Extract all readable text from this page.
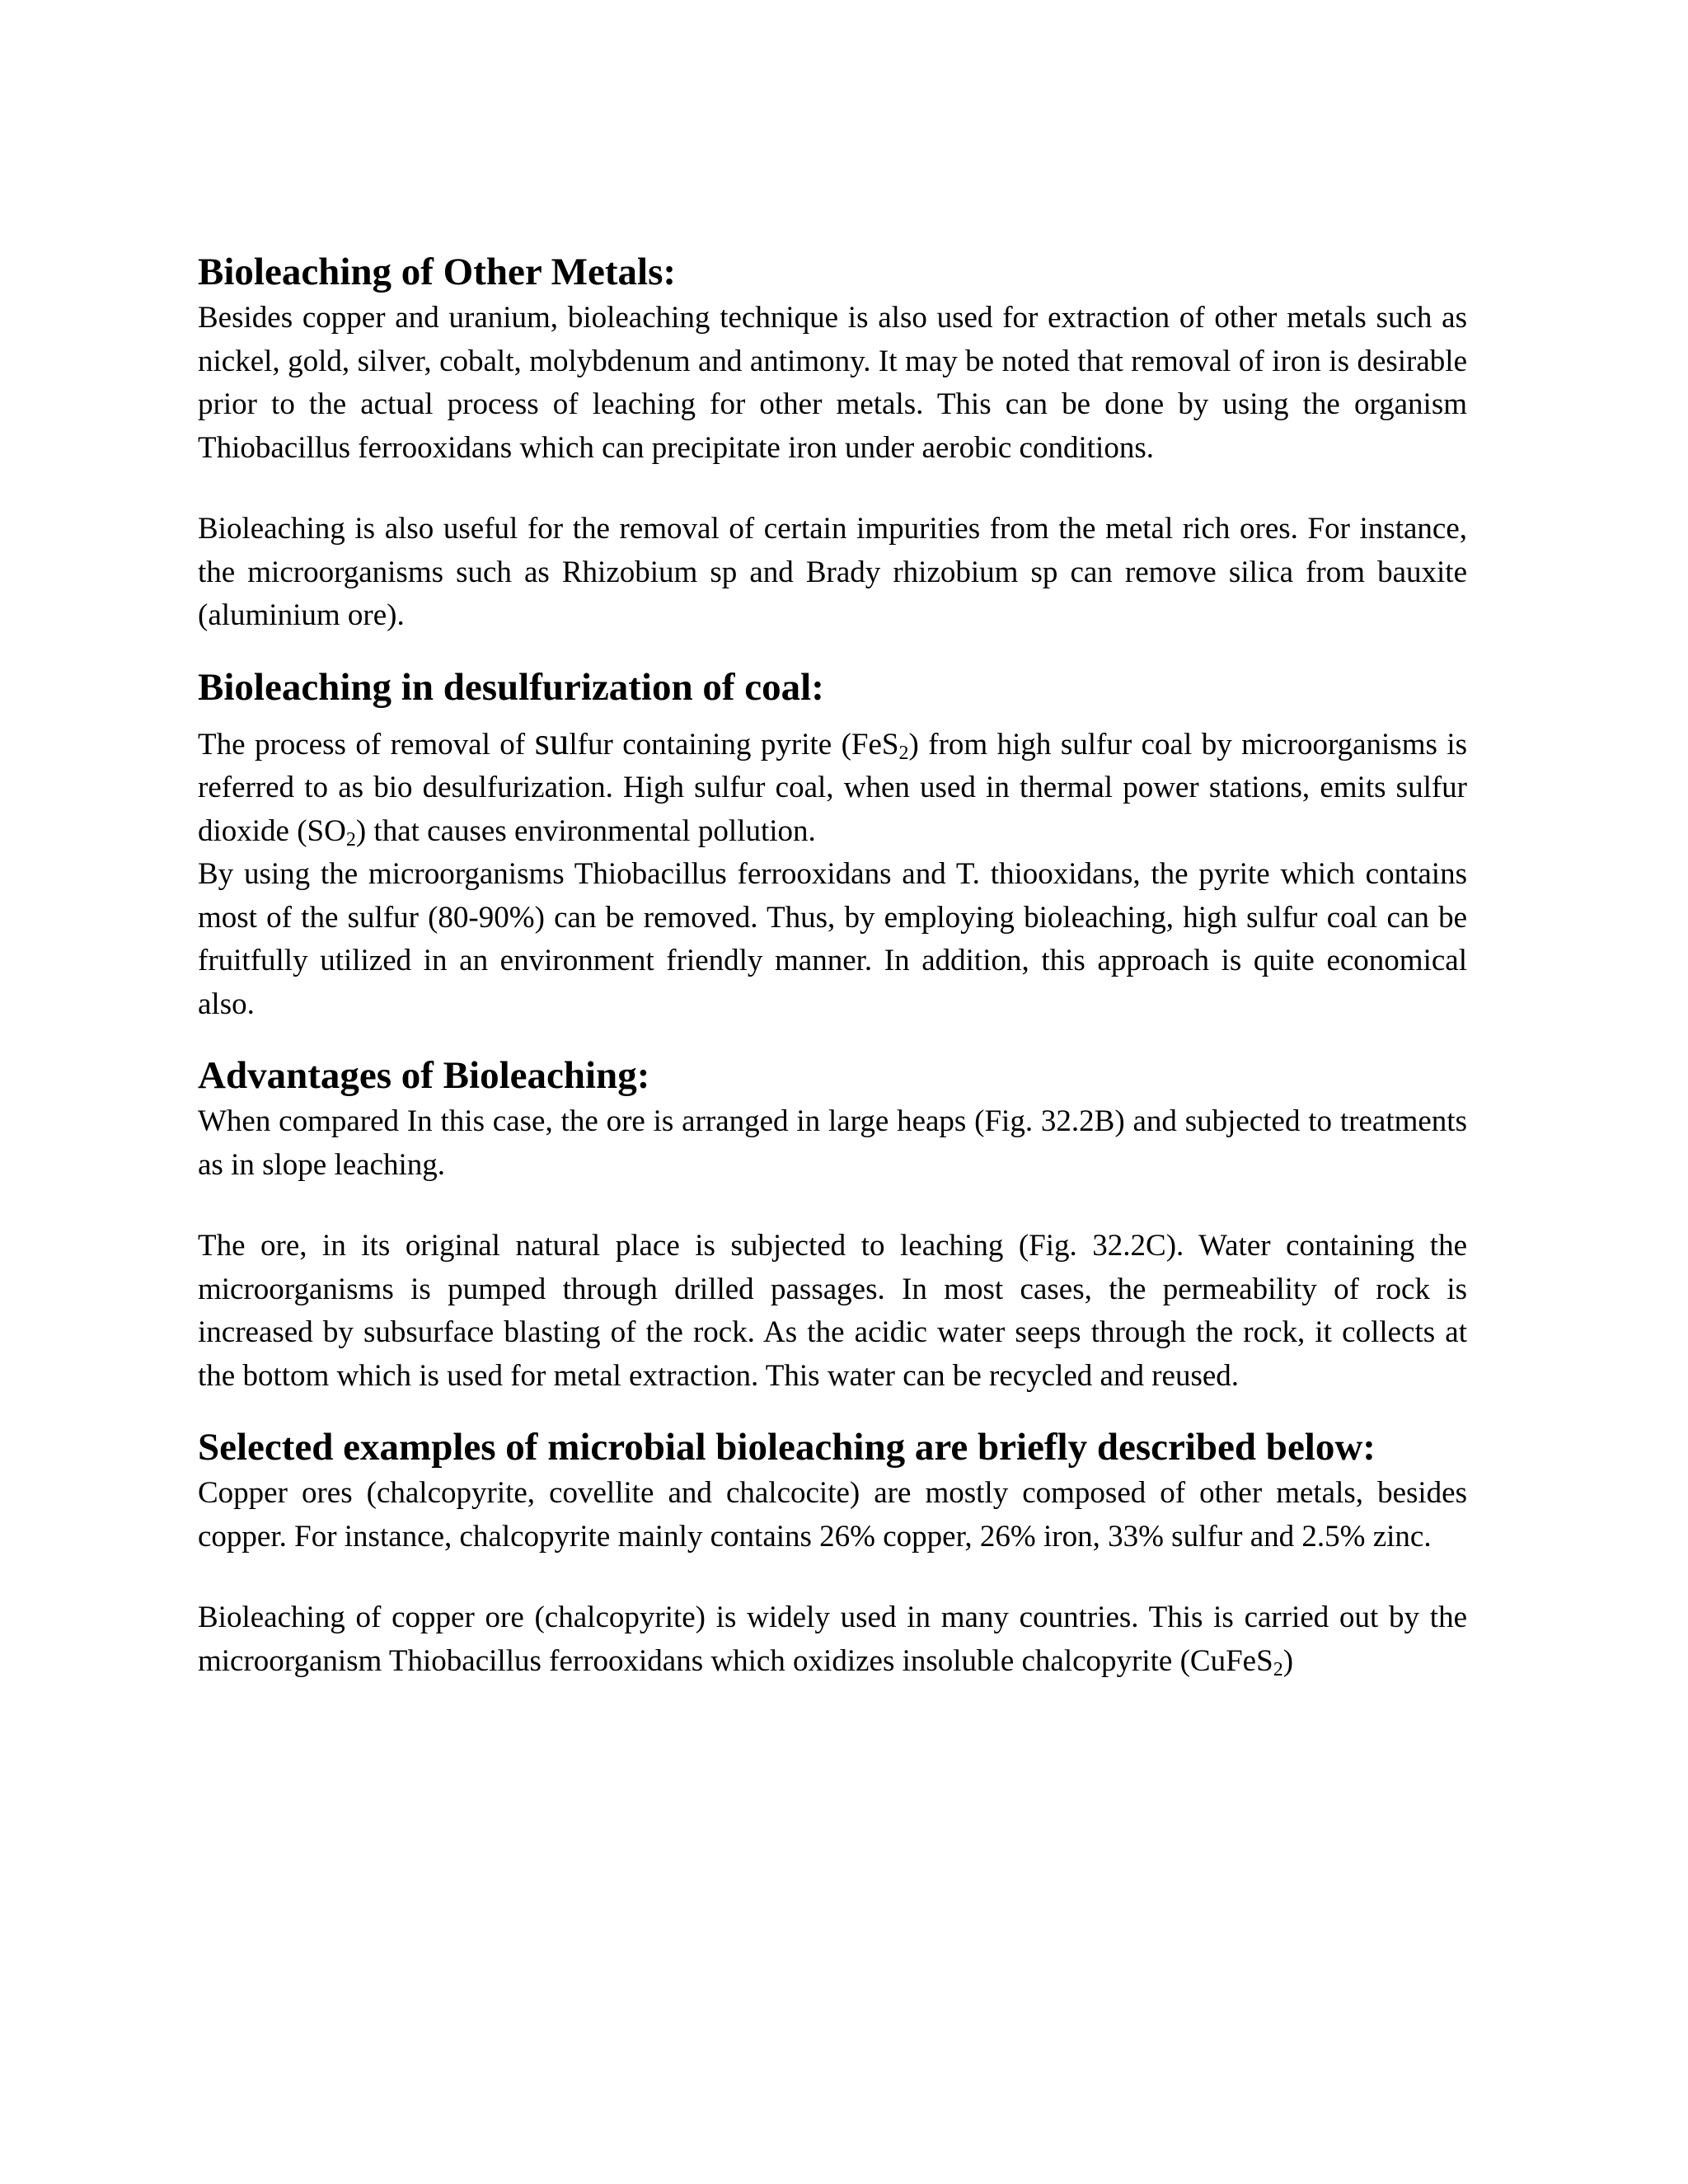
Bioleaching of Other Metals:

Besides copper and uranium, bioleaching technique is also used for extraction of other metals such as nickel, gold, silver, cobalt, molybdenum and antimony. It may be noted that removal of iron is desirable prior to the actual process of leaching for other metals. This can be done by using the organism Thiobacillus ferrooxidans which can precipitate iron under aerobic conditions.

Bioleaching is also useful for the removal of certain impurities from the metal rich ores. For instance, the microorganisms such as Rhizobium sp and Brady rhizobium sp can remove silica from bauxite (aluminium ore).

Bioleaching in desulfurization of coal:

The process of removal of sulfur containing pyrite (FeS$_2$) from high sulfur coal by microorganisms is referred to as bio desulfurization. High sulfur coal, when used in thermal power stations, emits sulfur dioxide $(SO_2)$ that causes environmental pollution.

By using the microorganisms Thiobacillus ferrooxidans and T. thiooxidans, the pyrite which contains most of the sulfur (80-90%) can be removed. Thus, by employing bioleaching, high sulfur coal can be fruitfully utilized in an environment friendly manner. In addition, this approach is quite economical also.

Advantages of Bioleaching:

When compared In this case, the ore is arranged in large heaps (Fig. 32.2B) and subjected to treatments as in slope leaching.

The ore, in its original natural place is subjected to leaching (Fig. 32.2C). Water containing the microorganisms is pumped through drilled passages. In most cases, the permeability of rock is increased by subsurface blasting of the rock. As the acidic water seeps through the rock, it collects at the bottom which is used for metal extraction. This water can be recycled and reused.

Selected examples of microbial bioleaching are briefly described below:

Copper ores (chalcopyrite, covellite and chalcocite) are mostly composed of other metals, besides copper. For instance, chalcopyrite mainly contains 26% copper, 26% iron, 33% sulfur and 2.5% zinc.

Bioleaching of copper ore (chalcopyrite) is widely used in many countries. This is carried out by the microorganism Thiobacillus ferrooxidans which oxidizes insoluble chalcopyrite (CuFeS$_2$)
